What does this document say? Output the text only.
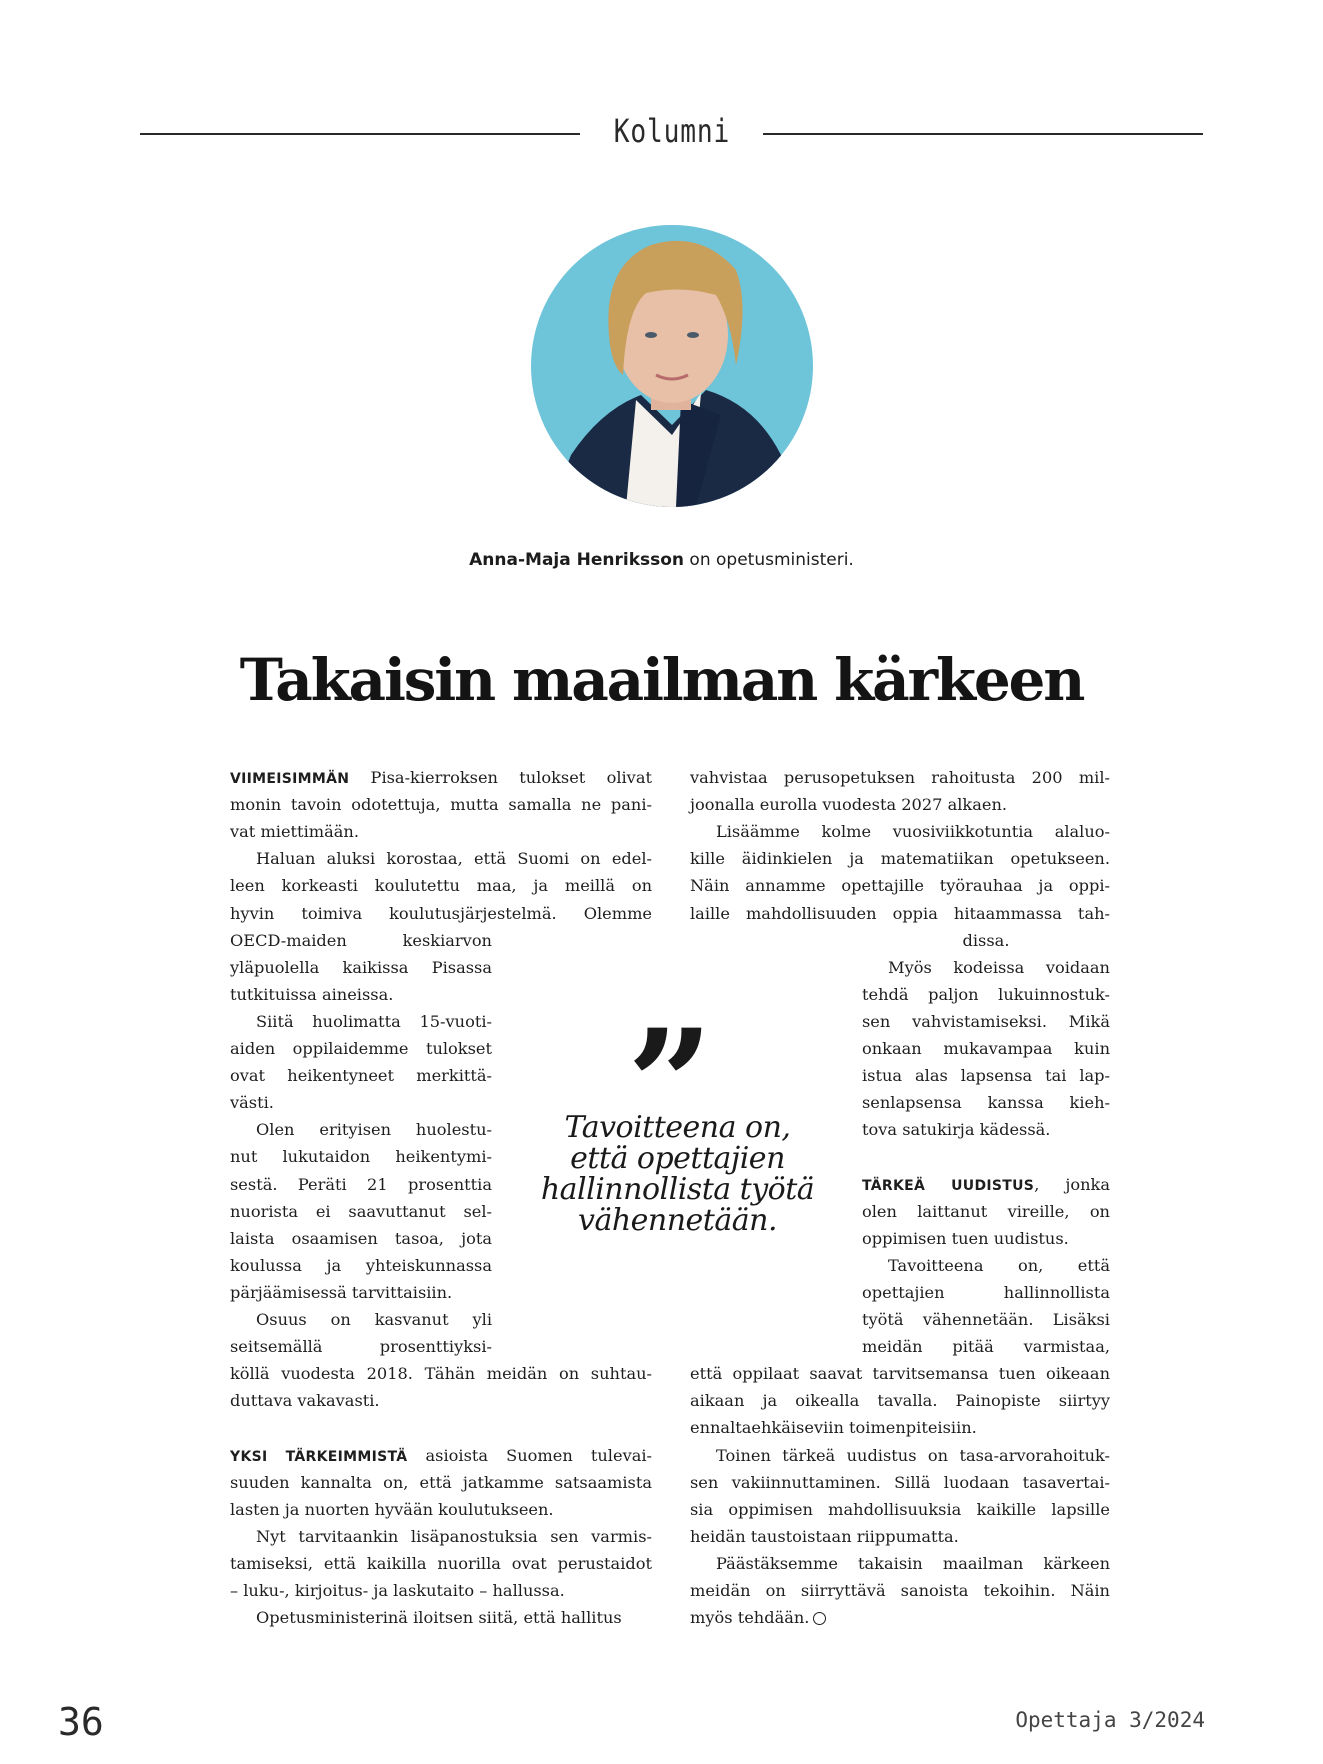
Kolumni
Anna-Maja Henriksson on opetusministeri.
Takaisin maailman kärkeen
VIIMEISIMMÄN Pisa-kierroksen tulokset olivat
monin tavoin odotettuja, mutta samalla ne pani-
vat miettimään.
Haluan aluksi korostaa, että Suomi on edel-
leen korkeasti koulutettu maa, ja meillä on
hyvin toimiva koulutusjärjestelmä. Olemme
OECD-maiden keskiarvon
yläpuolella kaikissa Pisassa
tutkituissa aineissa.
Siitä huolimatta 15-vuoti-
aiden oppilaidemme tulokset
ovat heikentyneet merkittä-
västi.
Olen erityisen huolestu-
nut lukutaidon heikentymi-
sestä. Peräti 21 prosenttia
nuorista ei saavuttanut sel-
laista osaamisen tasoa, jota
koulussa ja yhteiskunnassa
pärjäämisessä tarvittaisiin.
Osuus on kasvanut yli
seitsemällä prosenttiyksi-
köllä vuodesta 2018. Tähän meidän on suhtau-
duttava vakavasti.
YKSI TÄRKEIMMISTÄ asioista Suomen tulevai-
suuden kannalta on, että jatkamme satsaamista
lasten ja nuorten hyvään koulutukseen.
Nyt tarvitaankin lisäpanostuksia sen varmis-
tamiseksi, että kaikilla nuorilla ovat perustaidot
– luku-, kirjoitus- ja laskutaito – hallussa.
Opetusministerinä iloitsen siitä, että hallitus
vahvistaa perusopetuksen rahoitusta 200 mil-
joonalla eurolla vuodesta 2027 alkaen.
Lisäämme kolme vuosiviikkotuntia alaluo-
kille äidinkielen ja matematiikan opetukseen.
Näin annamme opettajille työrauhaa ja oppi-
laille mahdollisuuden oppia hitaammassa tah-
dissa.
Myös kodeissa voidaan
tehdä paljon lukuinnostuk-
sen vahvistamiseksi. Mikä
onkaan mukavampaa kuin
istua alas lapsensa tai lap-
senlapsensa kanssa kieh-
tova satukirja kädessä.
TÄRKEÄ UUDISTUS, jonka
olen laittanut vireille, on
oppimisen tuen uudistus.
Tavoitteena on, että
opettajien hallinnollista
työtä vähennetään. Lisäksi
meidän pitää varmistaa,
että oppilaat saavat tarvitsemansa tuen oikeaan
aikaan ja oikealla tavalla. Painopiste siirtyy
ennaltaehkäiseviin toimenpiteisiin.
Toinen tärkeä uudistus on tasa-arvorahoituk-
sen vakiinnuttaminen. Sillä luodaan tasavertai-
sia oppimisen mahdollisuuksia kaikille lapsille
heidän taustoistaan riippumatta.
Päästäksemme takaisin maailman kärkeen
meidän on siirryttävä sanoista tekoihin. Näin
myös tehdään.
Tavoitteena on,
että opettajien
hallinnollista työtä
vähennetään.
36	Opettaja 3/2024
